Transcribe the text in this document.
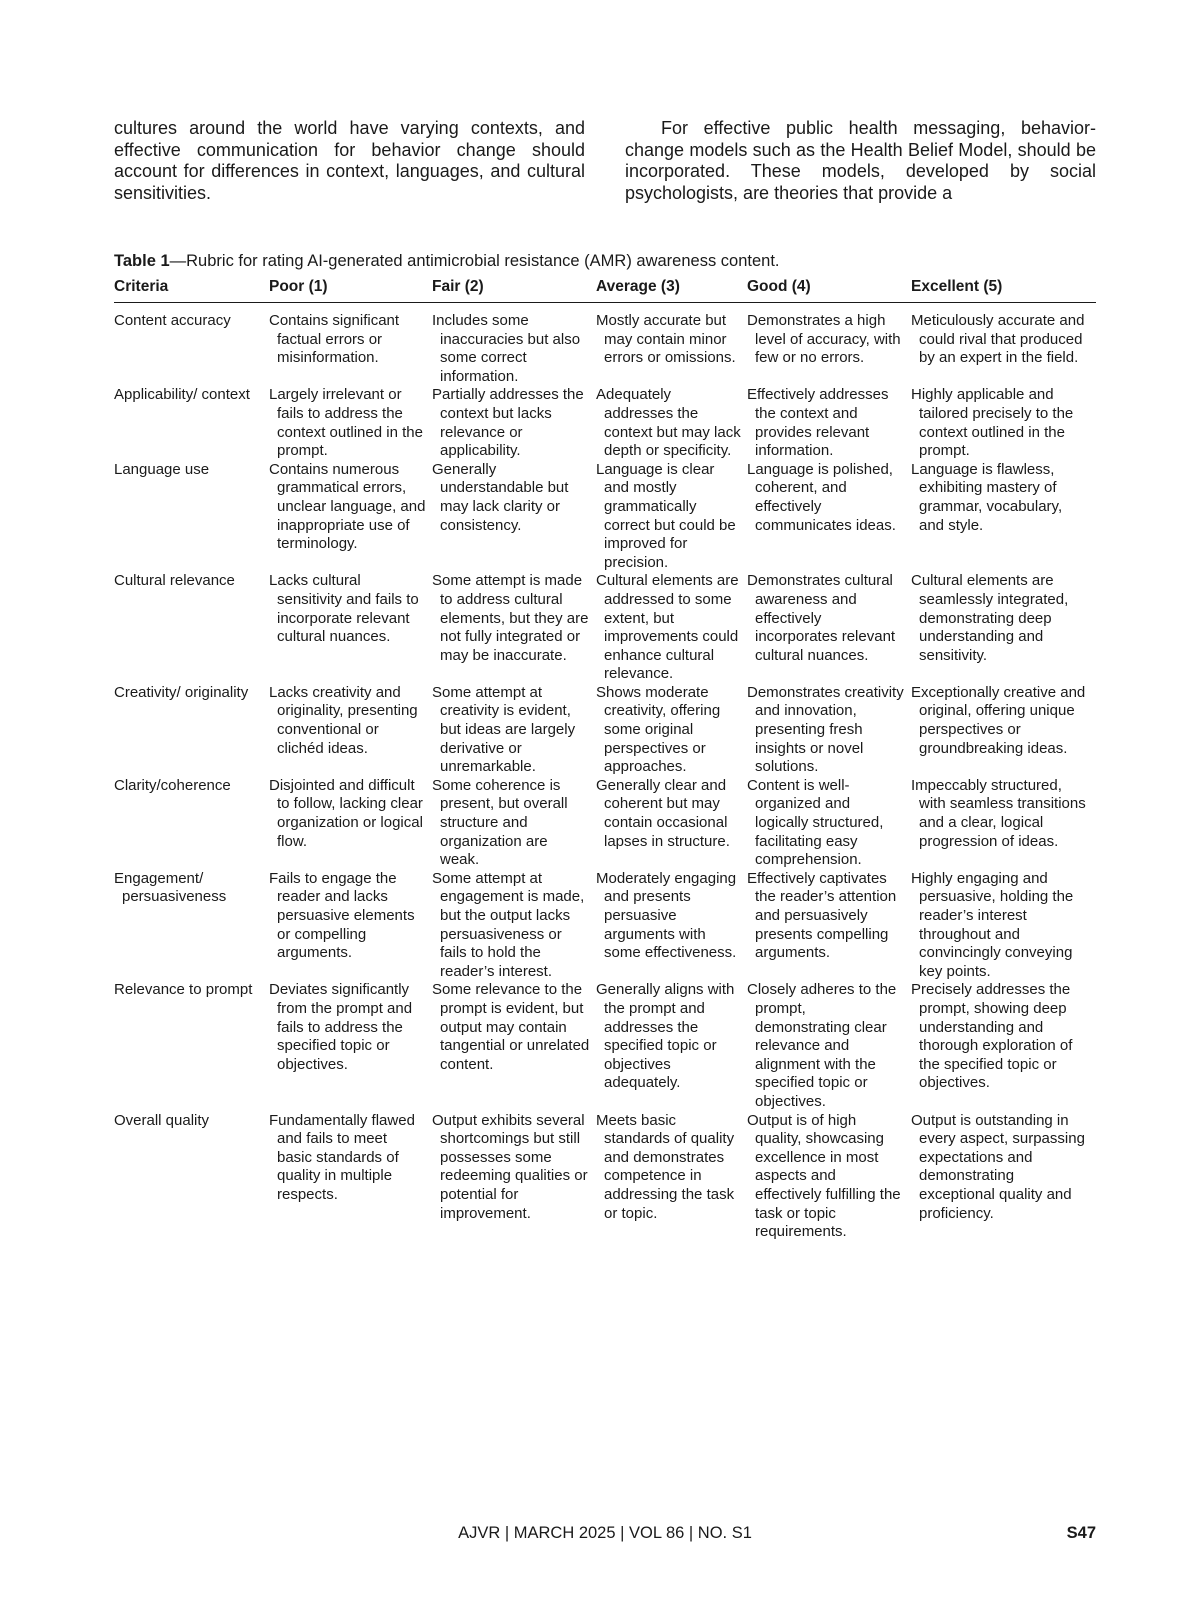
cultures around the world have varying contexts, and effective communication for behavior change should account for differences in context, languages, and cultural sensitivities.

For effective public health messaging, behavior-change models such as the Health Belief Model, should be incorporated. These models, developed by social psychologists, are theories that provide a

Table 1—Rubric for rating AI-generated antimicrobial resistance (AMR) awareness content.
Criteria	Poor (1)	Fair (2)	Average (3)	Good (4)	Excellent (5)

Content accuracy	Contains significant factual errors or misinformation.	Includes some inaccuracies but also some correct information.	Mostly accurate but may contain minor errors or omissions.	Demonstrates a high level of accuracy, with few or no errors.	Meticulously accurate and could rival that produced by an expert in the field.

Applicability/ context	Largely irrelevant or fails to address the context outlined in the prompt.	Partially addresses the context but lacks relevance or applicability.	Adequately addresses the context but may lack depth or specificity.	Effectively addresses the context and provides relevant information.	Highly applicable and tailored precisely to the context outlined in the prompt.

Language use	Contains numerous grammatical errors, unclear language, and inappropriate use of terminology.	Generally understandable but may lack clarity or consistency.	Language is clear and mostly grammatically correct but could be improved for precision.	Language is polished, coherent, and effectively communicates ideas.	Language is flawless, exhibiting mastery of grammar, vocabulary, and style.

Cultural relevance	Lacks cultural sensitivity and fails to incorporate relevant cultural nuances.	Some attempt is made to address cultural elements, but they are not fully integrated or may be inaccurate.	Cultural elements are addressed to some extent, but improvements could enhance cultural relevance.	Demonstrates cultural awareness and effectively incorporates relevant cultural nuances.	Cultural elements are seamlessly integrated, demonstrating deep understanding and sensitivity.

Creativity/ originality	Lacks creativity and originality, presenting conventional or clichéd ideas.	Some attempt at creativity is evident, but ideas are largely derivative or unremarkable.	Shows moderate creativity, offering some original perspectives or approaches.	Demonstrates creativity and innovation, presenting fresh insights or novel solutions.	Exceptionally creative and original, offering unique perspectives or groundbreaking ideas.

Clarity/coherence	Disjointed and difficult to follow, lacking clear organization or logical flow.	Some coherence is present, but overall structure and organization are weak.	Generally clear and coherent but may contain occasional lapses in structure.	Content is well-organized and logically structured, facilitating easy comprehension.	Impeccably structured, with seamless transitions and a clear, logical progression of ideas.

Engagement/ persuasiveness	Fails to engage the reader and lacks persuasive elements or compelling arguments.	Some attempt at engagement is made, but the output lacks persuasiveness or fails to hold the reader’s interest.	Moderately engaging and presents persuasive arguments with some effectiveness.	Effectively captivates the reader’s attention and persuasively presents compelling arguments.	Highly engaging and persuasive, holding the reader’s interest throughout and convincingly conveying key points.

Relevance to prompt	Deviates significantly from the prompt and fails to address the specified topic or objectives.	Some relevance to the prompt is evident, but output may contain tangential or unrelated content.	Generally aligns with the prompt and addresses the specified topic or objectives adequately.	Closely adheres to the prompt, demonstrating clear relevance and alignment with the specified topic or objectives.	Precisely addresses the prompt, showing deep understanding and thorough exploration of the specified topic or objectives.

Overall quality	Fundamentally flawed and fails to meet basic standards of quality in multiple respects.	Output exhibits several shortcomings but still possesses some redeeming qualities or potential for improvement.	Meets basic standards of quality and demonstrates competence in addressing the task or topic.	Output is of high quality, showcasing excellence in most aspects and effectively fulfilling the task or topic requirements.	Output is outstanding in every aspect, surpassing expectations and demonstrating exceptional quality and proficiency.
AJVR | MARCH 2025 | VOL 86 | NO. S1	S47
